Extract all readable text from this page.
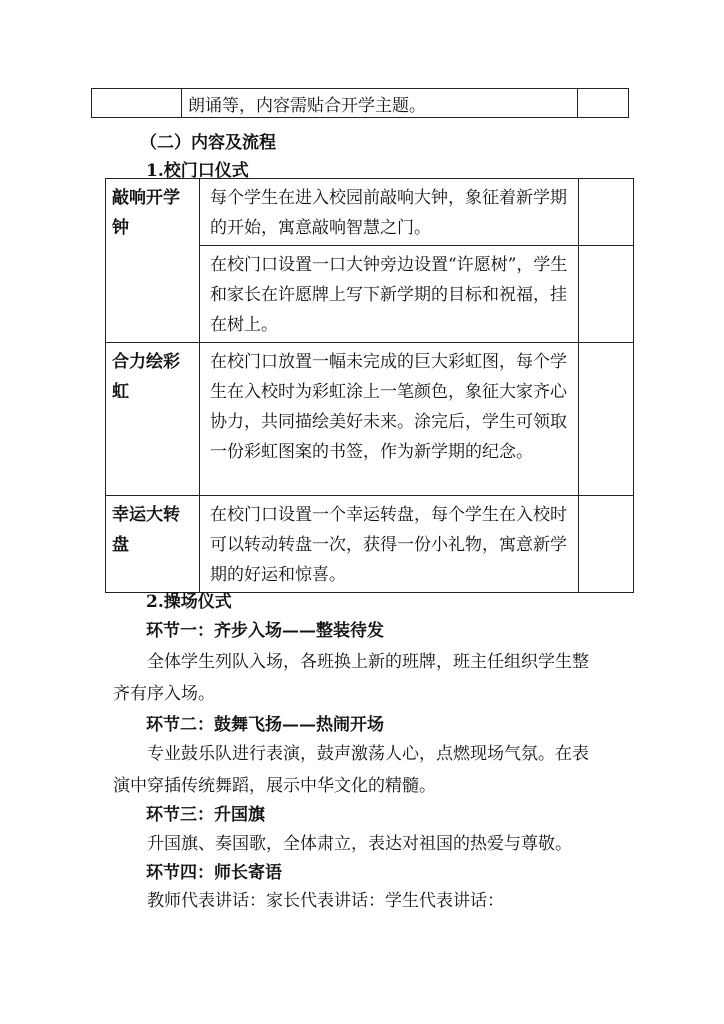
	朗诵等，内容需贴合开学主题。	
（二）内容及流程
1.校门口仪式
敲响开学钟	每个学生在进入校园前敲响大钟，象征着新学期的开始，寓意敲响智慧之门。	
	在校门口设置一口大钟旁边设置“许愿树”，学生和家长在许愿牌上写下新学期的目标和祝福，挂在树上。	
合力绘彩虹	在校门口放置一幅未完成的巨大彩虹图，每个学生在入校时为彩虹涂上一笔颜色，象征大家齐心协力，共同描绘美好未来。涂完后，学生可领取一份彩虹图案的书签，作为新学期的纪念。	
幸运大转盘	在校门口设置一个幸运转盘，每个学生在入校时可以转动转盘一次，获得一份小礼物，寓意新学期的好运和惊喜。	
2.操场仪式
环节一：齐步入场——整装待发
全体学生列队入场，各班换上新的班牌，班主任组织学生整齐有序入场。
环节二：鼓舞飞扬——热闹开场
专业鼓乐队进行表演，鼓声激荡人心，点燃现场气氛。在表演中穿插传统舞蹈，展示中华文化的精髓。
环节三：升国旗
升国旗、奏国歌，全体肃立，表达对祖国的热爱与尊敬。
环节四：师长寄语
教师代表讲话：家长代表讲话：学生代表讲话：
